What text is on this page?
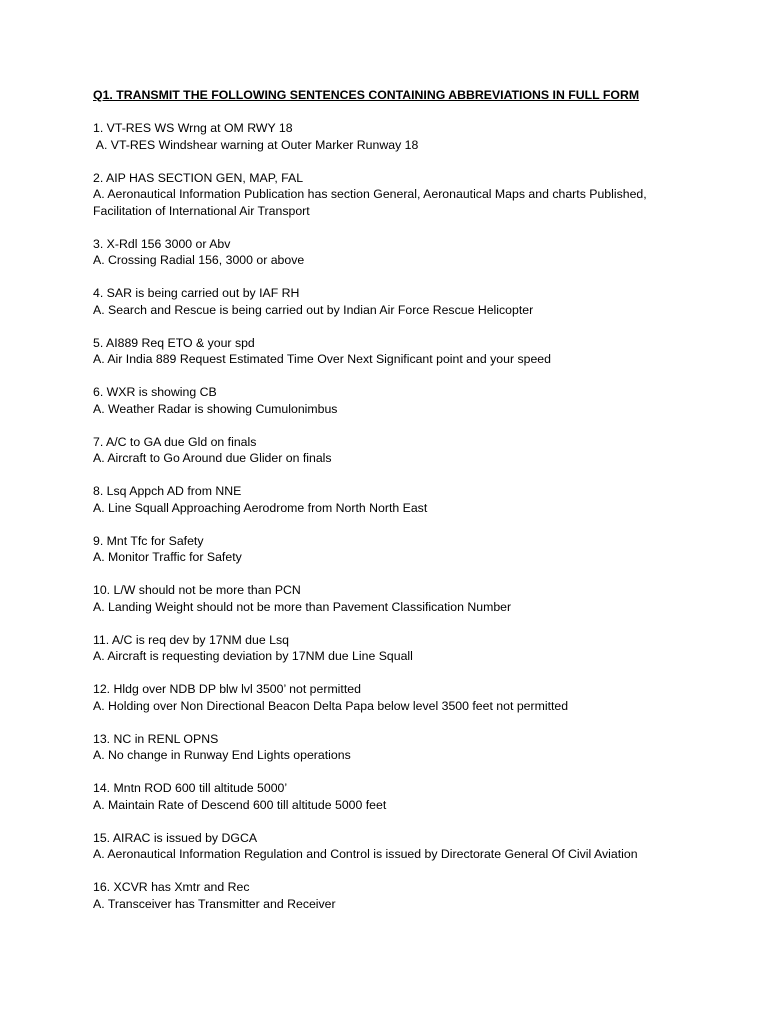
Q1. TRANSMIT THE FOLLOWING SENTENCES CONTAINING ABBREVIATIONS IN FULL FORM
1. VT-RES WS Wrng at OM RWY 18
A. VT-RES Windshear warning at Outer Marker Runway 18
2. AIP HAS SECTION GEN, MAP, FAL
A. Aeronautical Information Publication has section General, Aeronautical Maps and charts Published, Facilitation of International Air Transport
3. X-Rdl 156 3000 or Abv
A. Crossing Radial 156, 3000 or above
4. SAR is being carried out by IAF RH
A. Search and Rescue is being carried out by Indian Air Force Rescue Helicopter
5. AI889 Req ETO & your spd
A. Air India 889 Request Estimated Time Over Next Significant point and your speed
6. WXR is showing CB
A. Weather Radar is showing Cumulonimbus
7. A/C to GA due Gld on finals
A. Aircraft to Go Around due Glider on finals
8. Lsq Appch AD from NNE
A. Line Squall Approaching Aerodrome from North North East
9. Mnt Tfc for Safety
A. Monitor Traffic for Safety
10. L/W should not be more than PCN
A. Landing Weight should not be more than Pavement Classification Number
11. A/C is req dev by 17NM due Lsq
A. Aircraft is requesting deviation by 17NM due Line Squall
12. Hldg over NDB DP blw lvl 3500’ not permitted
A. Holding over Non Directional Beacon Delta Papa below level 3500 feet not permitted
13. NC in RENL OPNS
A. No change in Runway End Lights operations
14. Mntn ROD 600 till altitude 5000’
A. Maintain Rate of Descend 600 till altitude 5000 feet
15. AIRAC is issued by DGCA
A. Aeronautical Information Regulation and Control is issued by Directorate General Of Civil Aviation
16. XCVR has Xmtr and Rec
A. Transceiver has Transmitter and Receiver
